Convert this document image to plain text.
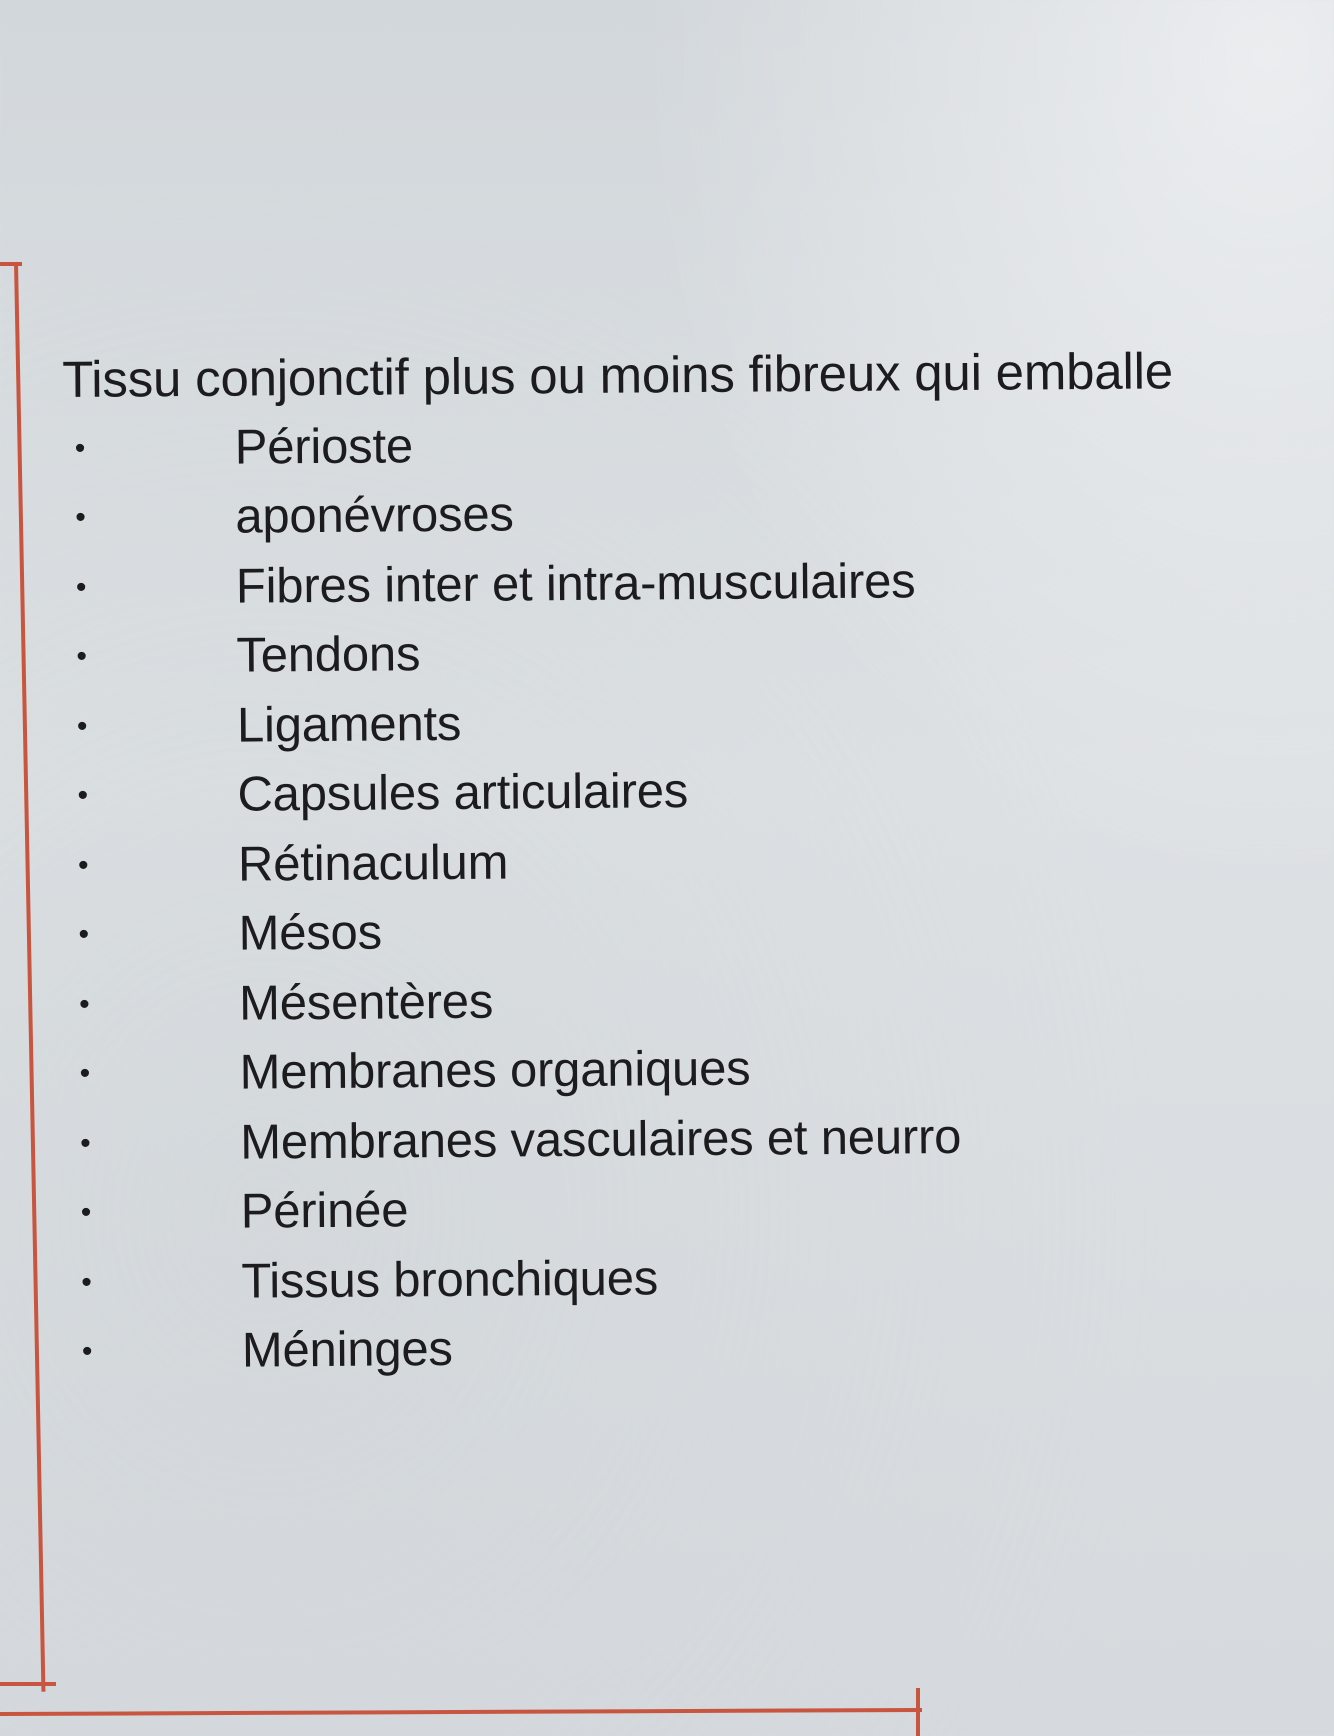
Tissu conjonctif plus ou moins fibreux qui emballe

•	Périoste
•	aponévroses
•	Fibres inter et intra-musculaires
•	Tendons
•	Ligaments
•	Capsules articulaires
•	Rétinaculum
•	Mésos
•	Mésentères
•	Membranes organiques
•	Membranes vasculaires et neurro
•	Périnée
•	Tissus bronchiques
•	Méninges
